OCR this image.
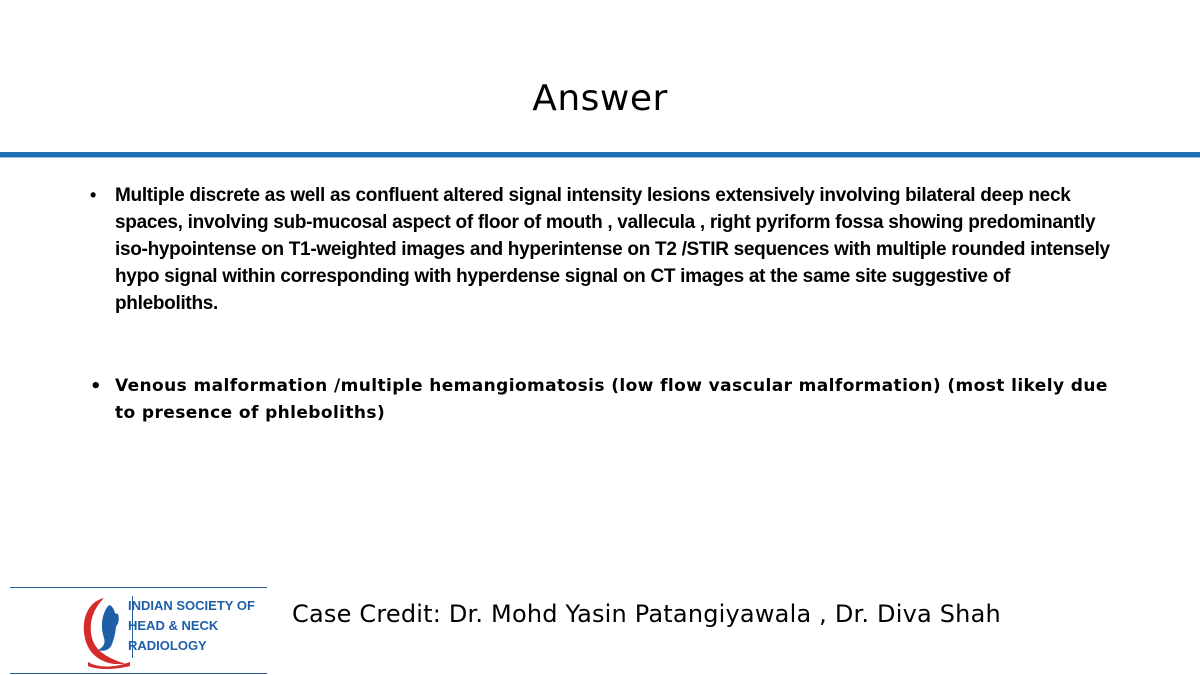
Answer
• Multiple discrete as well as confluent altered signal intensity lesions extensively involving bilateral deep neck spaces, involving sub-mucosal aspect of floor of mouth , vallecula , right pyriform fossa showing predominantly iso-hypointense on T1-weighted images and hyperintense on T2 /STIR sequences with multiple rounded intensely hypo signal within corresponding with hyperdense signal on CT images at the same site suggestive of phleboliths.
• Venous malformation /multiple hemangiomatosis (low flow vascular malformation) (most likely due to presence of phleboliths)
INDIAN SOCIETY OF
HEAD & NECK
RADIOLOGY
Case Credit: Dr. Mohd Yasin Patangiyawala , Dr. Diva Shah
